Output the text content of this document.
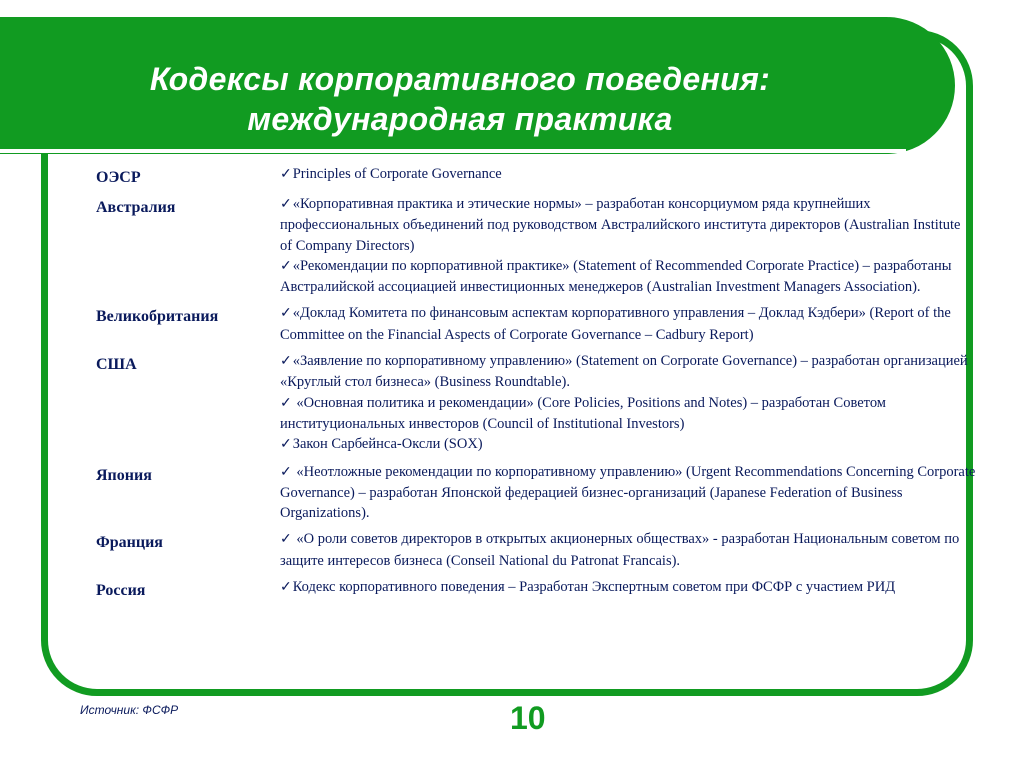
Кодексы корпоративного поведения:
международная практика
ОЭСР	✓Principles of Corporate Governance

Австралия	✓«Корпоративная практика и этические нормы» – разработан консорциумом ряда крупнейших профессиональных объединений под руководством Австралийского института директоров (Australian Institute of Company Directors)
✓«Рекомендации по корпоративной практике» (Statement of Recommended Corporate Practice) – разработаны Австралийской ассоциацией инвестиционных менеджеров (Australian Investment Managers Association).

Великобритания	✓«Доклад Комитета по финансовым аспектам корпоративного управления – Доклад Кэдбери» (Report of the Committee on the Financial Aspects of Corporate Governance – Cadbury Report)

США	✓«Заявление по корпоративному управлению» (Statement on Corporate Governance) – разработан организацией «Круглый стол бизнеса» (Business Roundtable).
✓ «Основная политика и рекомендации» (Core Policies, Positions and Notes) – разработан Советом институциональных инвесторов (Council of Institutional Investors)
✓Закон Сарбейнса-Оксли (SOX)

Япония	✓ «Неотложные рекомендации по корпоративному управлению» (Urgent Recommendations Concerning Corporate Governance) – разработан Японской федерацией бизнес-организаций (Japanese Federation of Business Organizations).

Франция	✓ «О роли советов директоров в открытых акционерных обществах» - разработан Национальным советом по защите интересов бизнеса (Conseil National du Patronat Francais).

Россия	✓Кодекс корпоративного поведения – Разработан Экспертным советом при ФСФР с участием РИД
Источник: ФСФР	10
